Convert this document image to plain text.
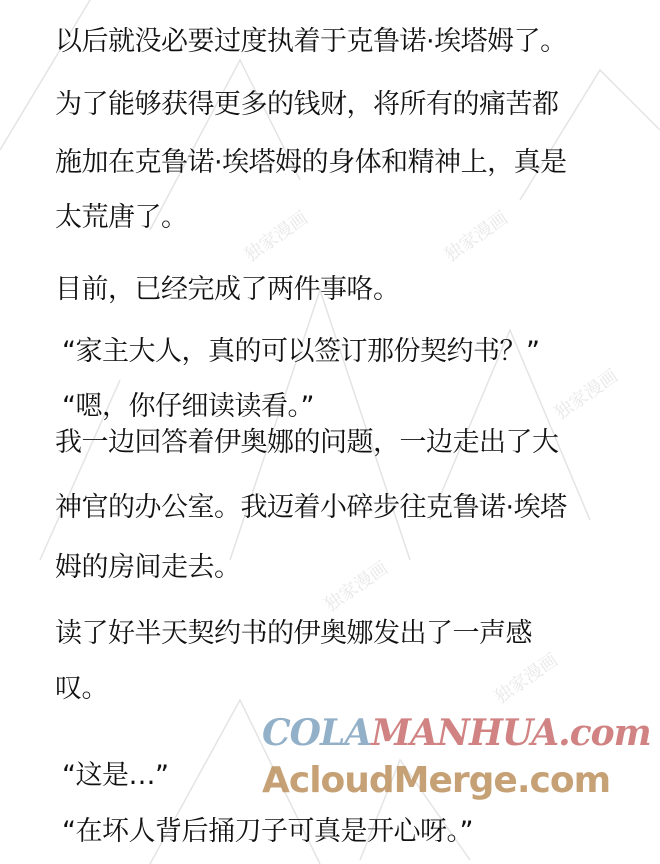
独家漫画
独家漫画
独家漫画
独家漫画
独家漫画
以后就没必要过度执着于克鲁诺·埃塔姆了。
为了能够获得更多的钱财，将所有的痛苦都
施加在克鲁诺·埃塔姆的身体和精神上，真是
太荒唐了。
目前，已经完成了两件事咯。
“家主大人，真的可以签订那份契约书？”
“嗯，你仔细读读看。”
我一边回答着伊奥娜的问题，一边走出了大
神官的办公室。我迈着小碎步往克鲁诺·埃塔
姆的房间走去。
读了好半天契约书的伊奥娜发出了一声感
叹。
“这是…”
“在坏人背后捅刀子可真是开心呀。”
COLAMANHUA.com
AcloudMerge.com
